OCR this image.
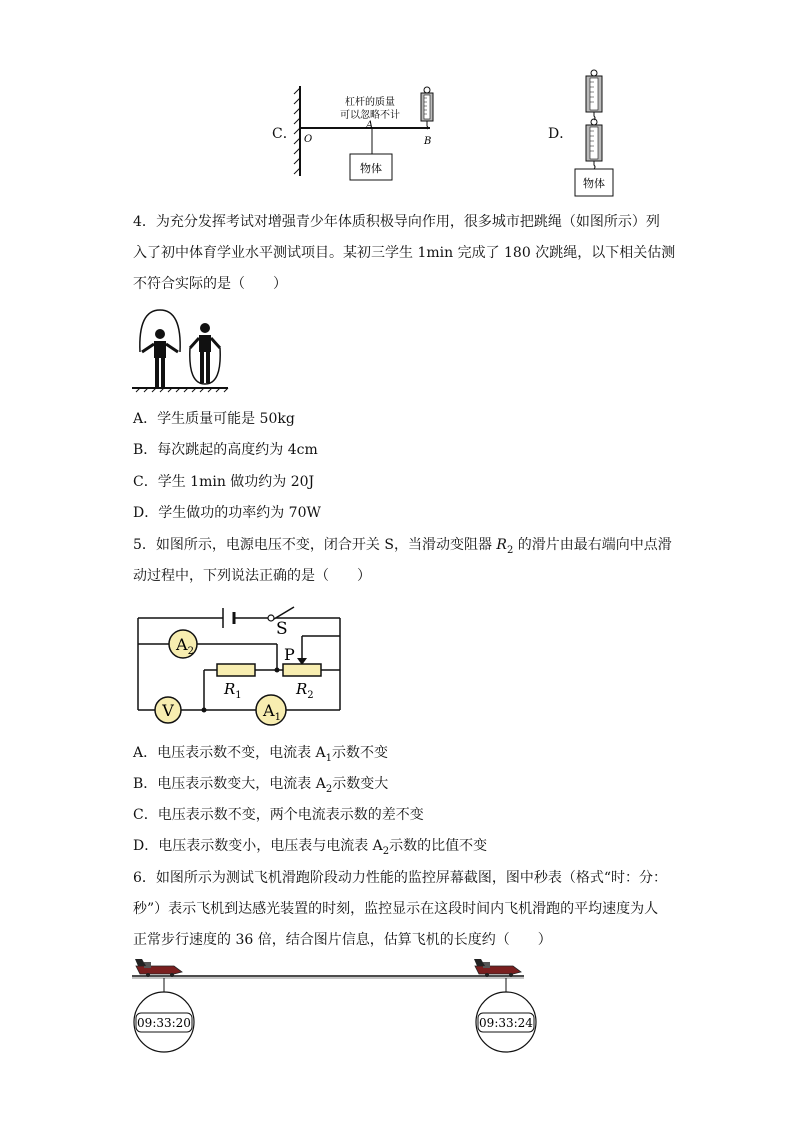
C．
物体
杠杆的质量
可以忽略不计
O
A
B	D．
物体
4．为充分发挥考试对增强青少年体质积极导向作用，很多城市把跳绳（如图所示）列
入了初中体育学业水平测试项目。某初三学生 1min 完成了 180 次跳绳，以下相关估测
不符合实际的是（　　）
A．学生质量可能是 50kg
B．每次跳起的高度约为 4cm
C．学生 1min 做功约为 20J
D．学生做功的功率约为 70W
5．如图所示，电源电压不变，闭合开关 S，当滑动变阻器 $R_2$ 的滑片由最右端向中点滑
动过程中，下列说法正确的是（　　）
S
P
$R_1$	$R_2$
$A_2$
V	$A_1$
A．电压表示数不变，电流表 $A_1$示数不变
B．电压表示数变大，电流表 $A_2$示数变大
C．电压表示数不变，两个电流表示数的差不变
D．电压表示数变小，电压表与电流表 $A_2$示数的比值不变
6．如图所示为测试飞机滑跑阶段动力性能的监控屏幕截图，图中秒表（格式“时：分：
秒”）表示飞机到达感光装置的时刻，监控显示在这段时间内飞机滑跑的平均速度为人
正常步行速度的 36 倍，结合图片信息，估算飞机的长度约（　　）
09:33:20	09:33:24
